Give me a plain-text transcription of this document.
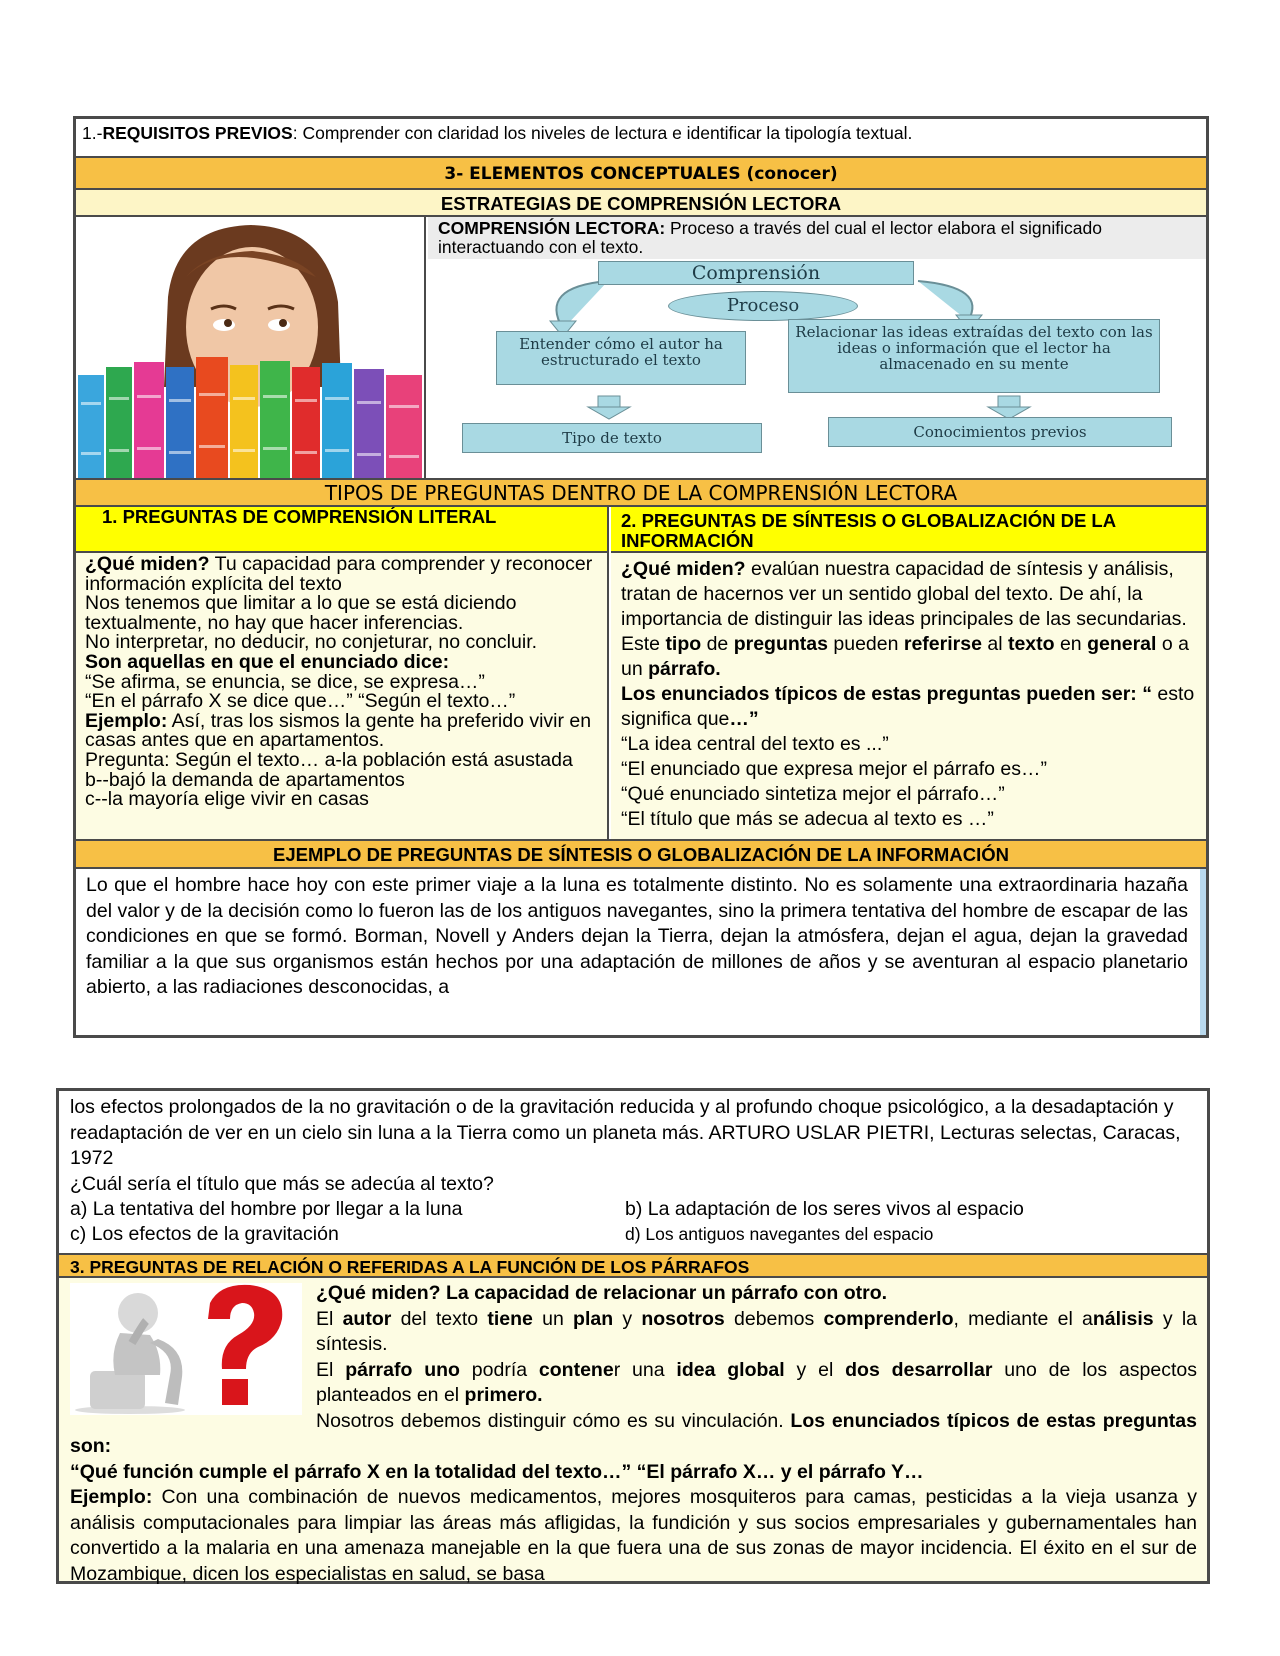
1.-REQUISITOS PREVIOS: Comprender con claridad los niveles de lectura e identificar la tipología textual.
3- ELEMENTOS CONCEPTUALES (conocer)
ESTRATEGIAS DE COMPRENSIÓN LECTORA
COMPRENSIÓN LECTORA: Proceso a través del cual el lector elabora el significado interactuando con el texto.
Comprensión
Proceso
Entender cómo el autor ha estructurado el texto
Relacionar las ideas extraídas del texto con las ideas o información que el lector ha almacenado en su mente
Tipo de texto	Conocimientos previos
TIPOS DE PREGUNTAS DENTRO DE LA COMPRENSIÓN LECTORA
1. PREGUNTAS DE COMPRENSIÓN LITERAL

¿Qué miden? Tu capacidad para comprender y reconocer información explícita del texto

Nos tenemos que limitar a lo que se está diciendo textualmente, no hay que hacer inferencias.

No interpretar, no deducir, no conjeturar, no concluir.

Son aquellas en que el enunciado dice:

“Se afirma, se enuncia, se dice, se expresa…”

“En el párrafo X se dice que…” “Según el texto…”

Ejemplo: Así, tras los sismos la gente ha preferido vivir en casas antes que en apartamentos.

Pregunta: Según el texto… a-la población está asustada

b--bajó la demanda de apartamentos

c--la mayoría elige vivir en casas

2. PREGUNTAS DE SÍNTESIS O GLOBALIZACIÓN DE LA INFORMACIÓN

¿Qué miden? evalúan nuestra capacidad de síntesis y análisis, tratan de hacernos ver un sentido global del texto. De ahí, la importancia de distinguir las ideas principales de las secundarias.

Este tipo de preguntas pueden referirse al texto en general o a un párrafo.

Los enunciados típicos de estas preguntas pueden ser: “ esto significa que…”

“La idea central del texto es ...”

“El enunciado que expresa mejor el párrafo es…”

“Qué enunciado sintetiza mejor el párrafo…”

“El título que más se adecua al texto es …”

EJEMPLO DE PREGUNTAS DE SÍNTESIS O GLOBALIZACIÓN DE LA INFORMACIÓN
Lo que el hombre hace hoy con este primer viaje a la luna es totalmente distinto. No es solamente una extraordinaria hazaña del valor y de la decisión como lo fueron las de los antiguos navegantes, sino la primera tentativa del hombre de escapar de las condiciones en que se formó. Borman, Novell y Anders dejan la Tierra, dejan la atmósfera, dejan el agua, dejan la gravedad familiar a la que sus organismos están hechos por una adaptación de millones de años y se aventuran al espacio planetario abierto, a las radiaciones desconocidas, a

los efectos prolongados de la no gravitación o de la gravitación reducida y al profundo choque psicológico, a la desadaptación y readaptación de ver en un cielo sin luna a la Tierra como un planeta más. ARTURO USLAR PIETRI, Lecturas selectas, Caracas, 1972

¿Cuál sería el título que más se adecúa al texto?

a) La tentativa del hombre por llegar a la luna	b) La adaptación de los seres vivos al espacio
c) Los efectos de la gravitación	d) Los antiguos navegantes del espacio
3. PREGUNTAS DE RELACIÓN O REFERIDAS A LA FUNCIÓN DE LOS PÁRRAFOS

¿Qué miden? La capacidad de relacionar un párrafo con otro.

El autor del texto tiene un plan y nosotros debemos comprenderlo, mediante el análisis y la síntesis.

El párrafo uno podría contener una idea global y el dos desarrollar uno de los aspectos planteados en el primero.

Nosotros debemos distinguir cómo es su vinculación. Los enunciados típicos de estas preguntas son:

“Qué función cumple el párrafo X en la totalidad del texto…” “El párrafo X… y el párrafo Y…

Ejemplo: Con una combinación de nuevos medicamentos, mejores mosquiteros para camas, pesticidas a la vieja usanza y análisis computacionales para limpiar las áreas más afligidas, la fundición y sus socios empresariales y gubernamentales han convertido a la malaria en una amenaza manejable en la que fuera una de sus zonas de mayor incidencia. El éxito en el sur de Mozambique, dicen los especialistas en salud, se basa
